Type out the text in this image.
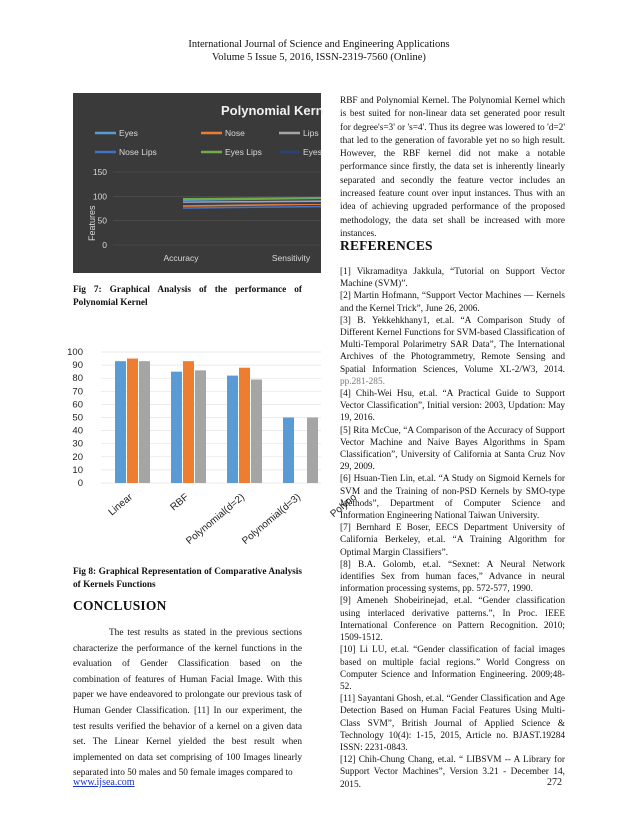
International Journal of Science and Engineering Applications
Volume 5 Issue 5, 2016, ISSN-2319-7560 (Online)
Polynomial Kern
Eyes	Nose	Lips
Nose Lips	Eyes Lips	Eyes
0
50
100
150
Accuracy	Sensitivity
Features
Fig 7: Graphical Analysis of the performance of Polynomial Kernel
0
10
20
30
40
50
60
70
80
90
100
Linear	RBF
Polynomial(d=2)
Polynomial(d=3)	Polyno
Fig 8: Graphical Representation of Comparative Analysis of Kernels Functions
CONCLUSION
The test results as stated in the previous sections characterize the performance of the kernel functions in the evaluation of Gender Classification based on the combination of features of Human Facial Image. With this paper we have endeavored to prolongate our previous task of Human Gender Classification. [11] In our experiment, the test results verified the behavior of a kernel on a given data set. The Linear Kernel yielded the best result when implemented on data set comprising of 100 Images linearly separated into 50 males and 50 female images compared to
RBF and Polynomial Kernel. The Polynomial Kernel which is best suited for non-linear data set generated poor result for degree's=3' or 's=4'. Thus its degree was lowered to 'd=2' that led to the generation of favorable yet no so high result. However, the RBF kernel did not make a notable performance since firstly, the data set is inherently linearly separated and secondly the feature vector includes an increased feature count over input instances. Thus with an idea of achieving upgraded performance of the proposed methodology, the data set shall be increased with more instances.
REFERENCES

[1] Vikramaditya Jakkula, “Tutorial on Support Vector Machine (SVM)”.

[2] Martin Hofmann, “Support Vector Machines — Kernels and the Kernel Trick”, June 26, 2006.

[3] B. Yekkehkhany1, et.al. “A Comparison Study of Different Kernel Functions for SVM-based Classification of Multi-Temporal Polarimetry SAR Data”, The International Archives of the Photogrammetry, Remote Sensing and Spatial Information Sciences, Volume XL-2/W3, 2014. pp.281-285.

[4] Chih-Wei Hsu, et.al. “A Practical Guide to Support Vector Classification”, Initial version: 2003, Updation: May 19, 2016.

[5] Rita McCue, “A Comparison of the Accuracy of Support Vector Machine and Naive Bayes Algorithms in Spam Classification”, University of California at Santa Cruz Nov 29, 2009.

[6] Hsuan-Tien Lin, et.al. “A Study on Sigmoid Kernels for SVM and the Training of non-PSD Kernels by SMO-type Methods”, Department of Computer Science and Information Engineering National Taiwan University.

[7] Bernhard E Boser, EECS Department University of California Berkeley, et.al. “A Training Algorithm for Optimal Margin Classifiers”.

[8] B.A. Golomb, et.al. “Sexnet: A Neural Network identifies Sex from human faces,” Advance in neural information processing systems, pp. 572-577, 1990.

[9] Ameneh Shobeirinejad, et.al. “Gender classification using interlaced derivative patterns.”, In Proc. IEEE International Conference on Pattern Recognition. 2010; 1509-1512.

[10] Li LU, et.al. “Gender classification of facial images based on multiple facial regions.” World Congress on Computer Science and Information Engineering. 2009;48-52.

[11] Sayantani Ghosh, et.al. “Gender Classification and Age Detection Based on Human Facial Features Using Multi-Class SVM”, British Journal of Applied Science & Technology 10(4): 1-15, 2015, Article no. BJAST.19284 ISSN: 2231-0843.

[12] Chih-Chung Chang, et.al. “ LIBSVM -- A Library for Support Vector Machines”, Version 3.21 - December 14, 2015.

www.ijsea.com	272
